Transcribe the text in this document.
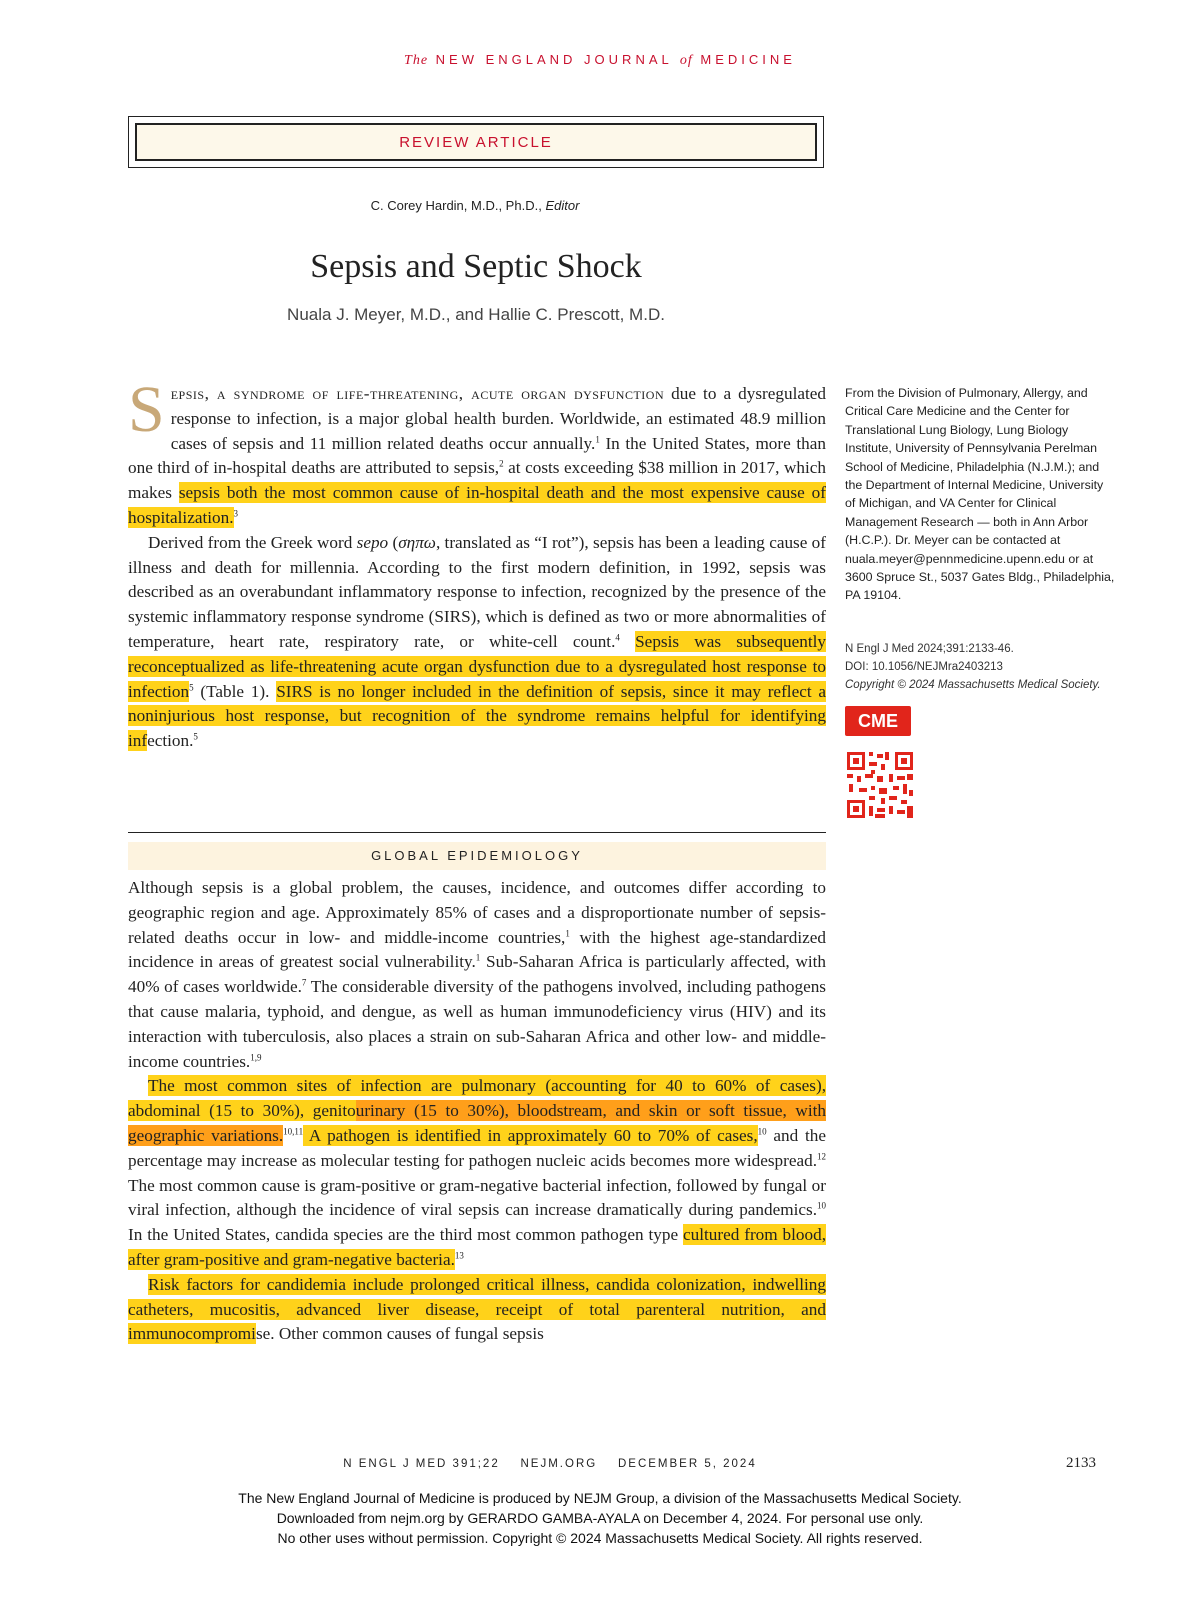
The NEW ENGLAND JOURNAL of MEDICINE
REVIEW ARTICLE
C. Corey Hardin, M.D., Ph.D., Editor
Sepsis and Septic Shock
Nuala J. Meyer, M.D., and Hallie C. Prescott, M.D.

Sepsis, a syndrome of life-threatening, acute organ dysfunction due to a dysregulated response to infection, is a major global health burden. Worldwide, an estimated 48.9 million cases of sepsis and 11 million related deaths occur annually.$^1$ In the United States, more than one third of in-hospital deaths are attributed to sepsis,$^2$ at costs exceeding $38 million in 2017, which makes sepsis both the most common cause of in-hospital death and the most expensive cause of hospitalization.$^3$

Derived from the Greek word sepo (σηπω, translated as “I rot”), sepsis has been a leading cause of illness and death for millennia. According to the first modern definition, in 1992, sepsis was described as an overabundant inflammatory response to infection, recognized by the presence of the systemic inflammatory response syndrome (SIRS), which is defined as two or more abnormalities of temperature, heart rate, respiratory rate, or white-cell count.$^4$ Sepsis was subsequently reconceptualized as life-threatening acute organ dysfunction due to a dysregulated host response to infection$^5$ (Table 1). SIRS is no longer included in the definition of sepsis, since it may reflect a noninjurious host response, but recognition of the syndrome remains helpful for identifying infection.$^5$

GLOBAL EPIDEMIOLOGY

Although sepsis is a global problem, the causes, incidence, and outcomes differ according to geographic region and age. Approximately 85% of cases and a disproportionate number of sepsis-related deaths occur in low- and middle-income countries,$^1$ with the highest age-standardized incidence in areas of greatest social vulnerability.$^1$ Sub-Saharan Africa is particularly affected, with 40% of cases worldwide.$^7$ The considerable diversity of the pathogens involved, including pathogens that cause malaria, typhoid, and dengue, as well as human immunodeficiency virus (HIV) and its interaction with tuberculosis, also places a strain on sub-Saharan Africa and other low- and middle-income countries.$^{1,9}$

The most common sites of infection are pulmonary (accounting for 40 to 60% of cases), abdominal (15 to 30%), genitourinary (15 to 30%), bloodstream, and skin or soft tissue, with geographic variations.$^{10,11}$ A pathogen is identified in approximately 60 to 70% of cases,$^{10}$ and the percentage may increase as molecular testing for pathogen nucleic acids becomes more widespread.$^{12}$ The most common cause is gram-positive or gram-negative bacterial infection, followed by fungal or viral infection, although the incidence of viral sepsis can increase dramatically during pandemics.$^{10}$ In the United States, candida species are the third most common pathogen type cultured from blood, after gram-positive and gram-negative bacteria.$^{13}$

Risk factors for candidemia include prolonged critical illness, candida colonization, indwelling catheters, mucositis, advanced liver disease, receipt of total parenteral nutrition, and immunocompromise. Other common causes of fungal sepsis

From the Division of Pulmonary, Allergy, and Critical Care Medicine and the Center for Translational Lung Biology, Lung Biology Institute, University of Pennsylvania Perelman School of Medicine, Philadelphia (N.J.M.); and the Department of Internal Medicine, University of Michigan, and VA Center for Clinical Management Research — both in Ann Arbor (H.C.P.). Dr. Meyer can be contacted at nuala.meyer@pennmedicine.upenn.edu or at 3600 Spruce St., 5037 Gates Bldg., Philadelphia, PA 19104.
N Engl J Med 2024;391:2133-46.
DOI: 10.1056/NEJMra2403213
Copyright © 2024 Massachusetts Medical Society.
CME
N ENGL J MED 391;22    NEJM.ORG    DECEMBER 5, 2024	2133
The New England Journal of Medicine is produced by NEJM Group, a division of the Massachusetts Medical Society.
Downloaded from nejm.org by GERARDO GAMBA-AYALA on December 4, 2024. For personal use only.
No other uses without permission. Copyright © 2024 Massachusetts Medical Society. All rights reserved.
